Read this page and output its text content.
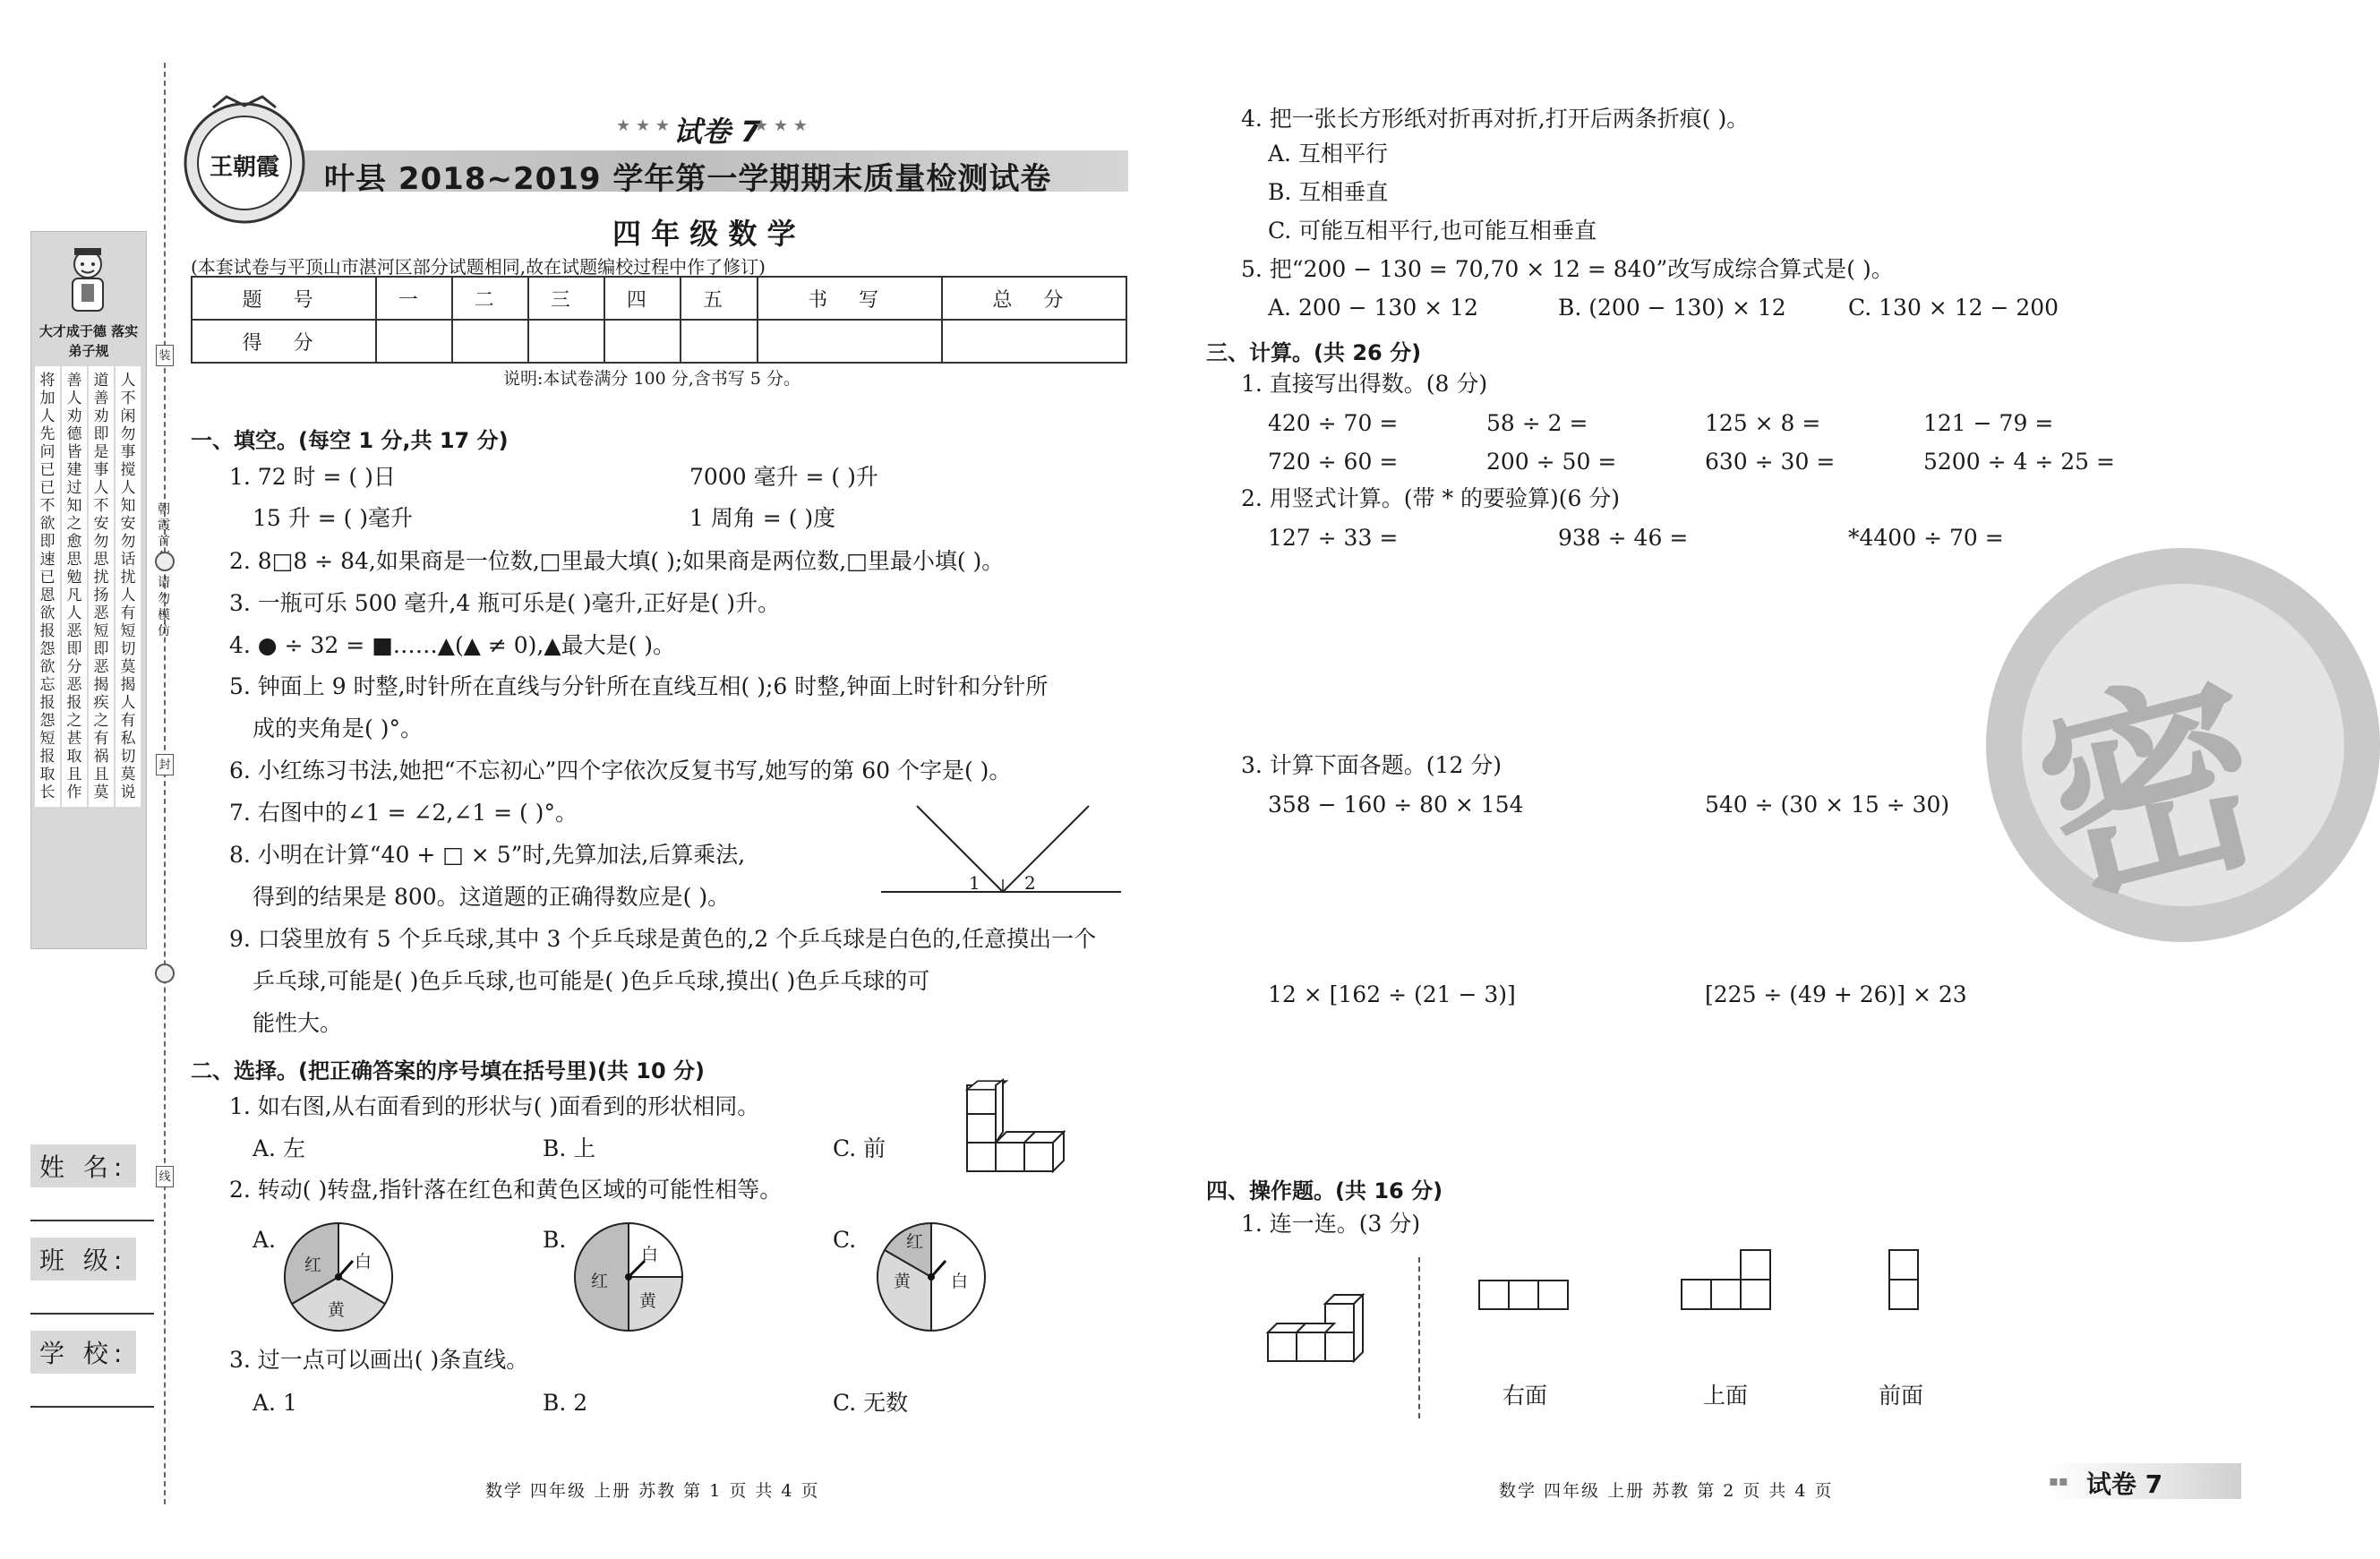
大才成于德 落实弟子规
人不闲
勿事搅
人知安
勿话扰
人有短
切莫揭
人有私
切莫说
道善劝
即是事
人不安
勿思扰
扬恶短
即恶揭
疾之有
祸且莫
善人劝
德皆建
过知之
愈思勉
凡人恶
即分恶
报之甚
取且作
将加人
先问已
已不欲
即速已
恩欲报
怨欲忘
报怨短
报取长
装
朝霞首
请勿模仿
封
线
姓 名:
班 级:
学 校:
王朝霞
★ ★ ★ 试卷 7
★ ★ ★
叶县 2018~2019 学年第一学期期末质量检测试卷
四 年 级 数 学
(本套试卷与平顶山市湛河区部分试题相同,故在试题编校过程中作了修订)
题 号	一	二	三	四	五	书 写	总 分
得 分							
说明:本试卷满分 100 分,含书写 5 分。
一、填空。(每空 1 分,共 17 分)
1. 72 时 = ( )日	7000 毫升 = ( )升
15 升 = ( )毫升	1 周角 = ( )度
2. 8□8 ÷ 84,如果商是一位数,□里最大填( );如果商是两位数,□里最小填( )。
3. 一瓶可乐 500 毫升,4 瓶可乐是( )毫升,正好是( )升。
4. ● ÷ 32 = ■……▲(▲ ≠ 0),▲最大是( )。
5. 钟面上 9 时整,时针所在直线与分针所在直线互相( );6 时整,钟面上时针和分针所
成的夹角是( )°。
6. 小红练习书法,她把“不忘初心”四个字依次反复书写,她写的第 60 个字是( )。
7. 右图中的∠1 = ∠2,∠1 = ( )°。
8. 小明在计算“40 + □ × 5”时,先算加法,后算乘法,
得到的结果是 800。这道题的正确得数应是( )。
1 2
9. 口袋里放有 5 个乒乓球,其中 3 个乒乓球是黄色的,2 个乒乓球是白色的,任意摸出一个
乒乓球,可能是( )色乒乓球,也可能是( )色乒乓球,摸出( )色乒乓球的可
能性大。
二、选择。(把正确答案的序号填在括号里)(共 10 分)
1. 如右图,从右面看到的形状与( )面看到的形状相同。
A. 左	B. 上	C. 前
2. 转动( )转盘,指针落在红色和黄色区域的可能性相等。
A.
红 白
黄
B.
红
白
黄
C.	红
白
黄
3. 过一点可以画出( )条直线。
A. 1	B. 2	C. 无数
数学 四年级 上册 苏教 第 1 页 共 4 页
密
4. 把一张长方形纸对折再对折,打开后两条折痕( )。
A. 互相平行
B. 互相垂直
C. 可能互相平行,也可能互相垂直
5. 把“200 − 130 = 70,70 × 12 = 840”改写成综合算式是( )。
A. 200 − 130 × 12	B. (200 − 130) × 12	C. 130 × 12 − 200
三、计算。(共 26 分)
1. 直接写出得数。(8 分)
420 ÷ 70 =	58 ÷ 2 =	125 × 8 =	121 − 79 =
720 ÷ 60 =	200 ÷ 50 =	630 ÷ 30 =	5200 ÷ 4 ÷ 25 =
2. 用竖式计算。(带 * 的要验算)(6 分)
127 ÷ 33 =	938 ÷ 46 =	*4400 ÷ 70 =
3. 计算下面各题。(12 分)
358 − 160 ÷ 80 × 154	540 ÷ (30 × 15 ÷ 30)
12 × [162 ÷ (21 − 3)]	[225 ÷ (49 + 26)] × 23
四、操作题。(共 16 分)
1. 连一连。(3 分)
右面	上面	前面
数学 四年级 上册 苏教 第 2 页 共 4 页
▪▪ 试卷 7
